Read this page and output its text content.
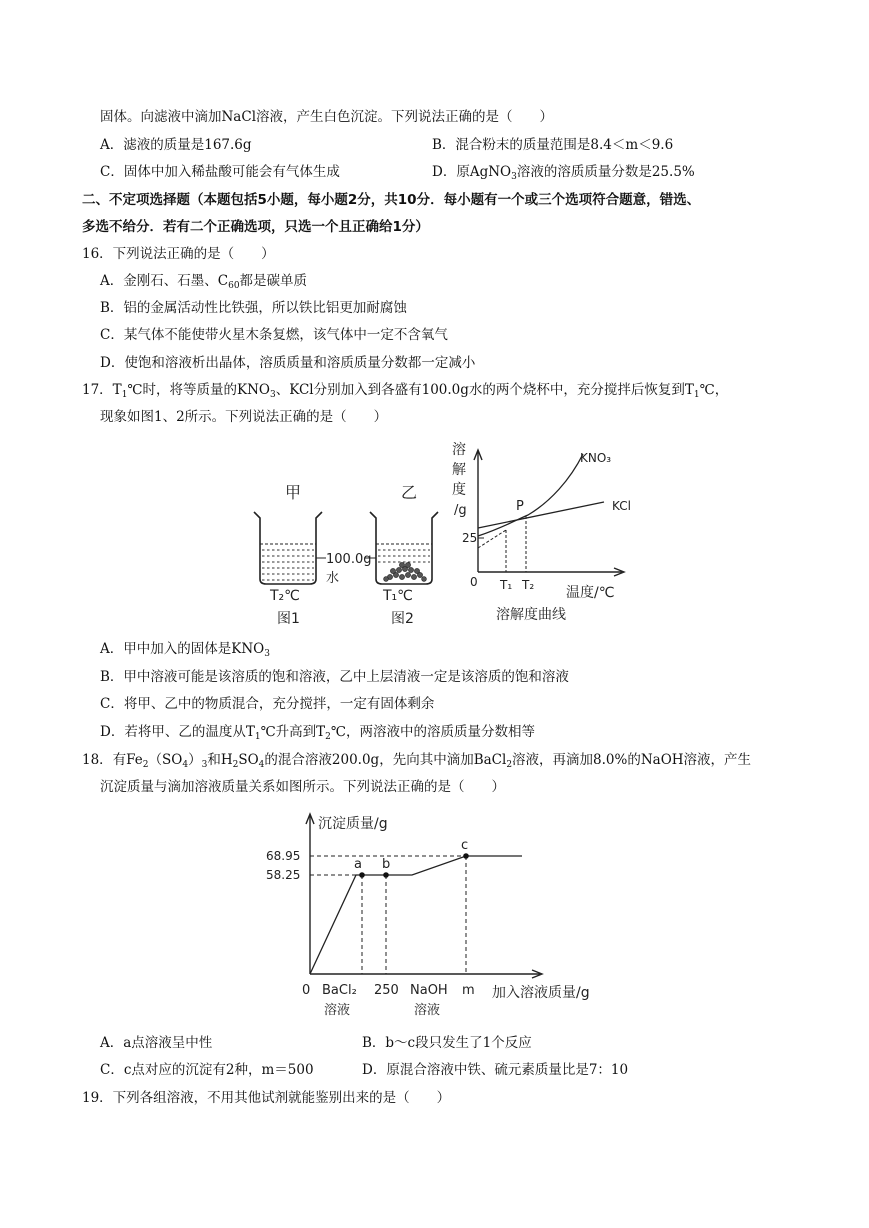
固体。向滤液中滴加NaCl溶液，产生白色沉淀。下列说法正确的是（　　）
A．滤液的质量是167.6g	B．混合粉末的质量范围是8.4＜m＜9.6
C．固体中加入稀盐酸可能会有气体生成	D．原AgNO$_3$溶液的溶质质量分数是25.5%
二、不定项选择题（本题包括5小题，每小题2分，共10分．每小题有一个或三个选项符合题意，错选、
多选不给分．若有二个正确选项，只选一个且正确给1分）
16．下列说法正确的是（　　）
A．金刚石、石墨、$C_{60}$都是碳单质
B．铝的金属活动性比铁强，所以铁比铝更加耐腐蚀
C．某气体不能使带火星木条复燃，该气体中一定不含氧气
D．使饱和溶液析出晶体，溶质质量和溶质质量分数都一定减小
17．$T_1℃$时，将等质量的$KNO_3$、KCl分别加入到各盛有100.0g水的两个烧杯中，充分搅拌后恢复到$T_1℃$，
现象如图1、2所示。下列说法正确的是（　　）
甲
T₂℃
图1
100.0g
水
乙
T₁℃
图2
溶
解
度
/g
KNO₃
KCl
P
25
0 T₁ T₂ 温度/℃
溶解度曲线
A．甲中加入的固体是$KNO_3$
B．甲中溶液可能是该溶质的饱和溶液，乙中上层清液一定是该溶质的饱和溶液
C．将甲、乙中的物质混合，充分搅拌，一定有固体剩余
D．若将甲、乙的温度从$T_1℃$升高到$T_2℃$，两溶液中的溶质质量分数相等
18．有$Fe_2(SO_4)_3$和$H_2SO_4$的混合溶液200.0g，先向其中滴加BaCl$_2$溶液，再滴加8.0%的NaOH溶液，产生
沉淀质量与滴加溶液质量关系如图所示。下列说法正确的是（　　）
沉淀质量/g
68.95
58.25
a b
c
0 BaCl₂
溶液
250 NaOH
溶液
m 加入溶液质量/g
A．a点溶液呈中性	B．b～c段只发生了1个反应
C．c点对应的沉淀有2种，m＝500	D．原混合溶液中铁、硫元素质量比是7：10
19．下列各组溶液，不用其他试剂就能鉴别出来的是（　　）
